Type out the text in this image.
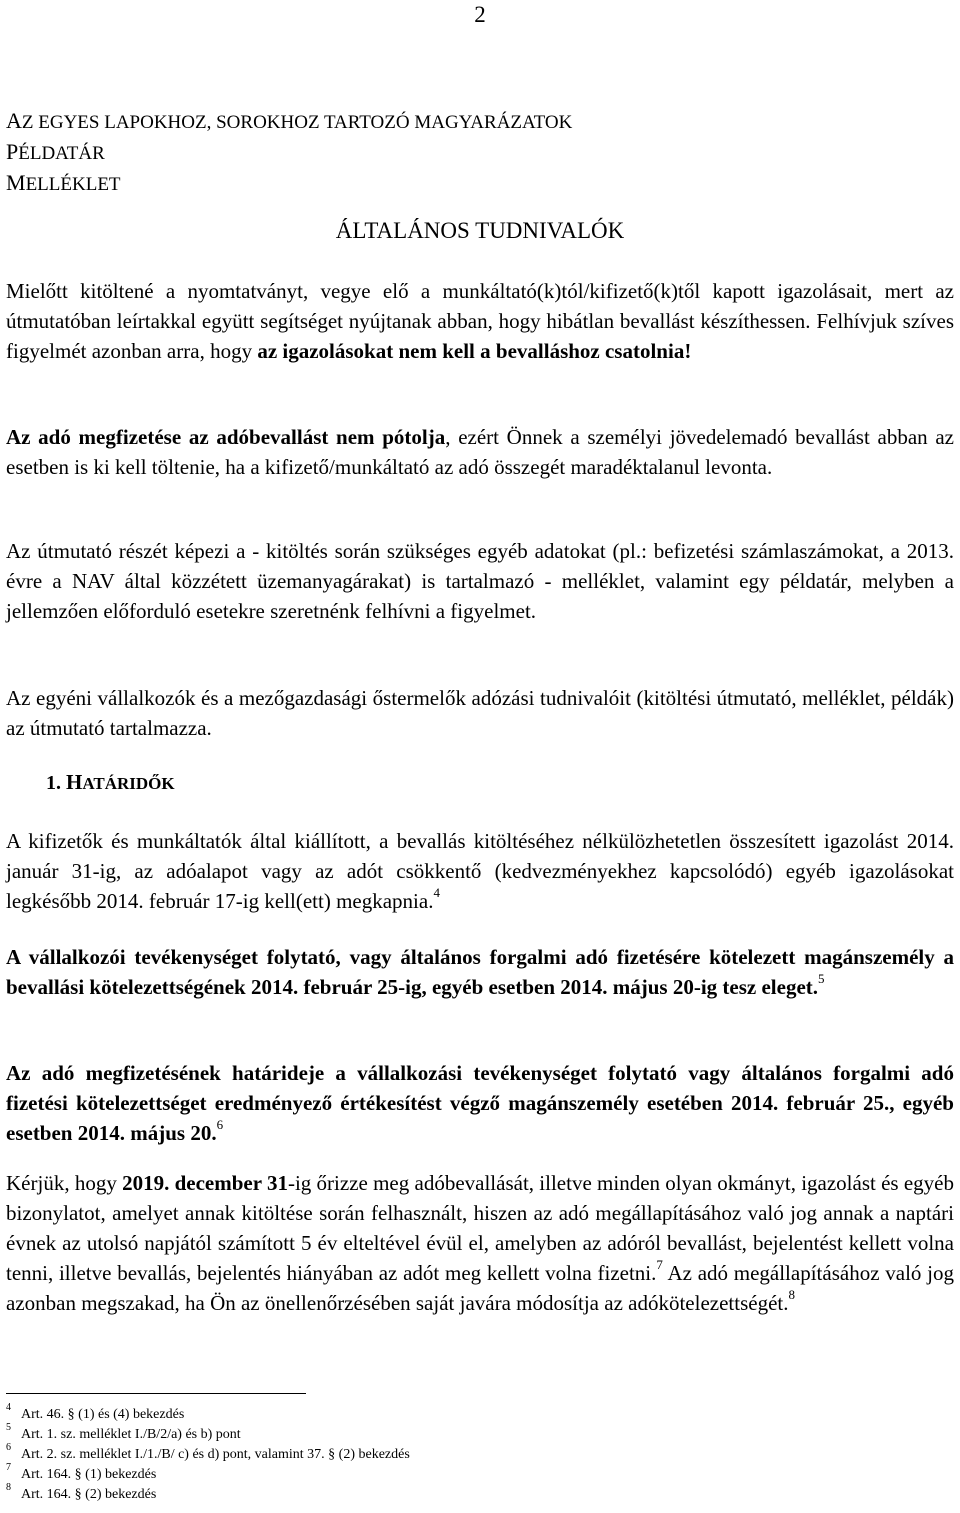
2
AZ EGYES LAPOKHOZ, SOROKHOZ TARTOZÓ MAGYARÁZATOK
PÉLDATÁR
MELLÉKLET
ÁLTALÁNOS TUDNIVALÓK
Mielőtt kitöltené a nyomtatványt, vegye elő a munkáltató(k)tól/kifizető(k)től kapott igazolásait, mert az útmutatóban leírtakkal együtt segítséget nyújtanak abban, hogy hibátlan bevallást készíthessen. Felhívjuk szíves figyelmét azonban arra, hogy az igazolásokat nem kell a bevalláshoz csatolnia!
Az adó megfizetése az adóbevallást nem pótolja, ezért Önnek a személyi jövedelemadó bevallást abban az esetben is ki kell töltenie, ha a kifizető/munkáltató az adó összegét maradéktalanul levonta.
Az útmutató részét képezi a - kitöltés során szükséges egyéb adatokat (pl.: befizetési számlaszámokat, a 2013. évre a NAV által közzétett üzemanyagárakat) is tartalmazó - melléklet, valamint egy példatár, melyben a jellemzően előforduló esetekre szeretnénk felhívni a figyelmet.
Az egyéni vállalkozók és a mezőgazdasági őstermelők adózási tudnivalóit (kitöltési útmutató, melléklet, példák) az útmutató tartalmazza.
1. HATÁRIDŐK
A kifizetők és munkáltatók által kiállított, a bevallás kitöltéséhez nélkülözhetetlen összesített igazolást 2014. január 31-ig, az adóalapot vagy az adót csökkentő (kedvezményekhez kapcsolódó) egyéb igazolásokat legkésőbb 2014. február 17-ig kell(ett) megkapnia.$^4$
A vállalkozói tevékenységet folytató, vagy általános forgalmi adó fizetésére kötelezett magánszemély a bevallási kötelezettségének 2014. február 25-ig, egyéb esetben 2014. május 20-ig tesz eleget.$^5$
Az adó megfizetésének határideje a vállalkozási tevékenységet folytató vagy általános forgalmi adó fizetési kötelezettséget eredményező értékesítést végző magánszemély esetében 2014. február 25., egyéb esetben 2014. május 20.$^6$
Kérjük, hogy 2019. december 31-ig őrizze meg adóbevallását, illetve minden olyan okmányt, igazolást és egyéb bizonylatot, amelyet annak kitöltése során felhasznált, hiszen az adó megállapításához való jog annak a naptári évnek az utolsó napjától számított 5 év elteltével évül el, amelyben az adóról bevallást, bejelentést kellett volna tenni, illetve bevallás, bejelentés hiányában az adót meg kellett volna fizetni.$^7$ Az adó megállapításához való jog azonban megszakad, ha Ön az önellenőrzésében saját javára módosítja az adókötelezettségét.$^8$
$^4$ Art. 46. § (1) és (4) bekezdés
$^5$ Art. 1. sz. melléklet I./B/2/a) és b) pont
$^6$ Art. 2. sz. melléklet I./1./B/ c) és d) pont, valamint 37. § (2) bekezdés
$^7$ Art. 164. § (1) bekezdés
$^8$ Art. 164. § (2) bekezdés
